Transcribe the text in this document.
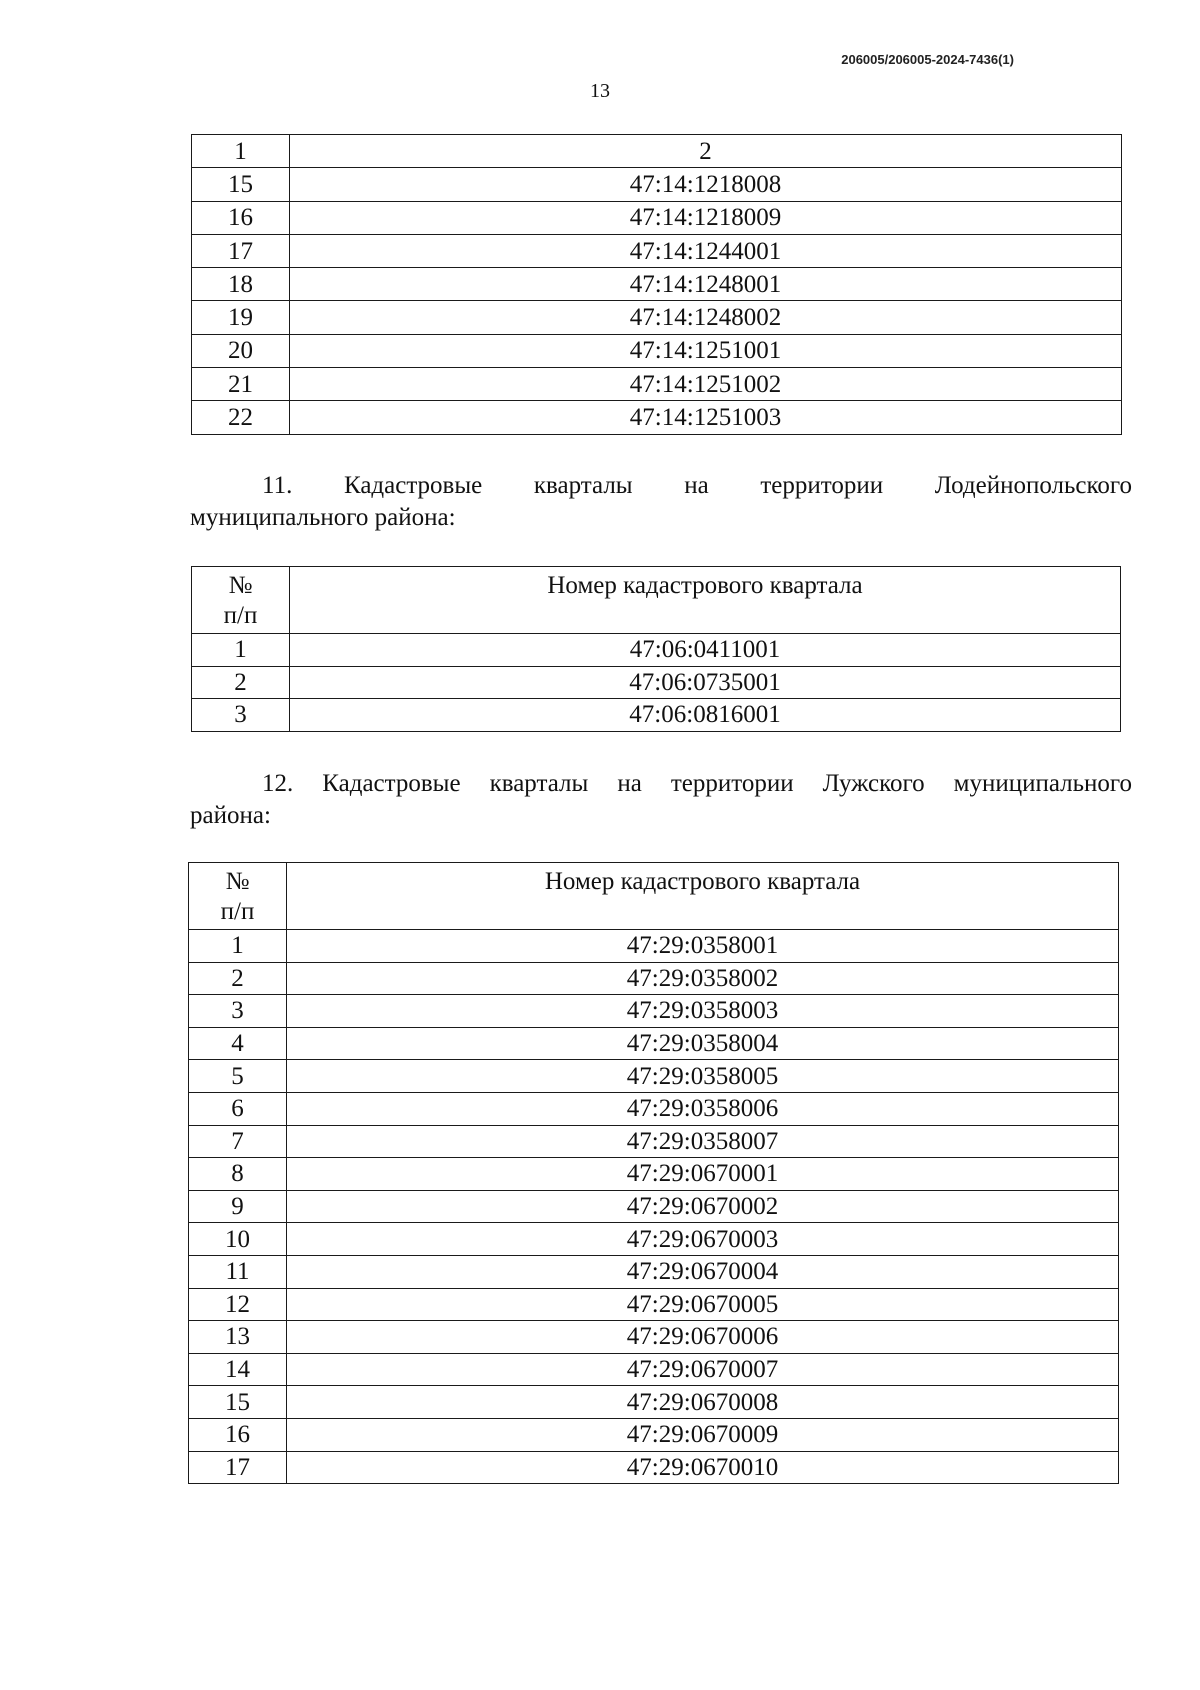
206005/206005-2024-7436(1)
13
1	2
15	47:14:1218008
16	47:14:1218009
17	47:14:1244001
18	47:14:1248001
19	47:14:1248002
20	47:14:1251001
21	47:14:1251002
22	47:14:1251003
11. Кадастровые кварталы на территории Лодейнопольского
муниципального района:
№
п/п	Номер кадастрового квартала
1	47:06:0411001
2	47:06:0735001
3	47:06:0816001
12. Кадастровые кварталы на территории Лужского муниципального
района:
№
п/п	Номер кадастрового квартала
1	47:29:0358001
2	47:29:0358002
3	47:29:0358003
4	47:29:0358004
5	47:29:0358005
6	47:29:0358006
7	47:29:0358007
8	47:29:0670001
9	47:29:0670002
10	47:29:0670003
11	47:29:0670004
12	47:29:0670005
13	47:29:0670006
14	47:29:0670007
15	47:29:0670008
16	47:29:0670009
17	47:29:0670010
